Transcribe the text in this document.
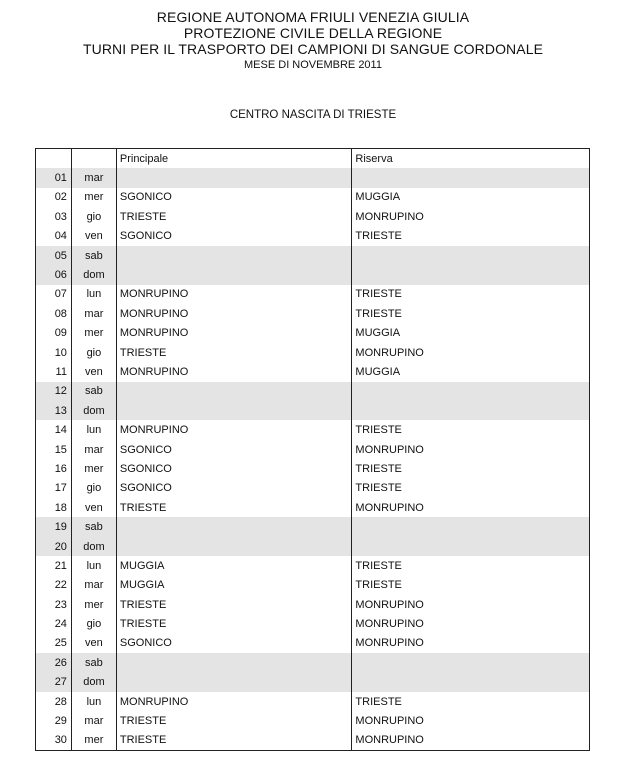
REGIONE AUTONOMA FRIULI VENEZIA GIULIA
PROTEZIONE CIVILE DELLA REGIONE
TURNI PER IL TRASPORTO DEI CAMPIONI DI SANGUE CORDONALE
MESE DI NOVEMBRE 2011
CENTRO NASCITA DI TRIESTE
		Principale	Riserva
01	mar		
02	mer	SGONICO	MUGGIA
03	gio	TRIESTE	MONRUPINO
04	ven	SGONICO	TRIESTE
05	sab		
06	dom		
07	lun	MONRUPINO	TRIESTE
08	mar	MONRUPINO	TRIESTE
09	mer	MONRUPINO	MUGGIA
10	gio	TRIESTE	MONRUPINO
11	ven	MONRUPINO	MUGGIA
12	sab		
13	dom		
14	lun	MONRUPINO	TRIESTE
15	mar	SGONICO	MONRUPINO
16	mer	SGONICO	TRIESTE
17	gio	SGONICO	TRIESTE
18	ven	TRIESTE	MONRUPINO
19	sab		
20	dom		
21	lun	MUGGIA	TRIESTE
22	mar	MUGGIA	TRIESTE
23	mer	TRIESTE	MONRUPINO
24	gio	TRIESTE	MONRUPINO
25	ven	SGONICO	MONRUPINO
26	sab		
27	dom		
28	lun	MONRUPINO	TRIESTE
29	mar	TRIESTE	MONRUPINO
30	mer	TRIESTE	MONRUPINO
